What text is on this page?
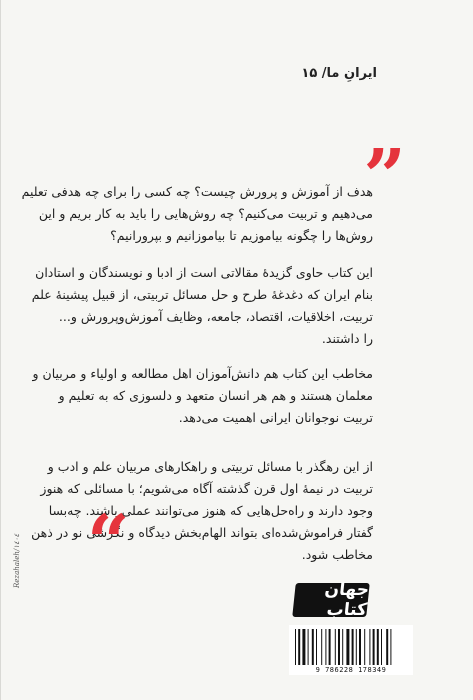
ایرانِ ما/ ۱۵
”
هدف از آموزش و پرورش چیست؟ چه کسی را برای چه هدفی تعلیم
می‌دهیم و تربیت می‌کنیم؟ چه روش‌هایی را باید به کار بریم و این
روش‌ها را چگونه بیاموزیم تا بیاموزانیم و بپرورانیم؟
این کتاب حاوی گزیدهٔ مقالاتی است از ادبا و نویسندگان و استادان
بنام ایران که دغدغهٔ طرح و حل مسائل تربیتی، از قبیل پیشینهٔ علم
تربیت، اخلاقیات، اقتصاد، جامعه، وظایف آموزش‌وپرورش و...
را داشتند.
مخاطب این کتاب هم دانش‌آموزان اهل مطالعه و اولیاء و مربیان و
معلمان هستند و هم هر انسان متعهد و دلسوزی که به تعلیم و
تربیت نوجوانان ایرانی اهمیت می‌دهد.
از این رهگذر با مسائل تربیتی و راهکارهای مربیان علم و ادب و
تربیت در نیمهٔ اول قرن گذشته آگاه می‌شویم؛ با مسائلی که هنوز
وجود دارند و راه‌حل‌هایی که هنوز می‌توانند عملی باشند. چه‌بسا
گفتار فراموش‌شده‌ای بتواند الهام‌بخش دیدگاه و نگرشی نو در ذهن
مخاطب شود.
“
Rezahaleh/١٤٠٤
جهان کتاب
9 786228 178349
